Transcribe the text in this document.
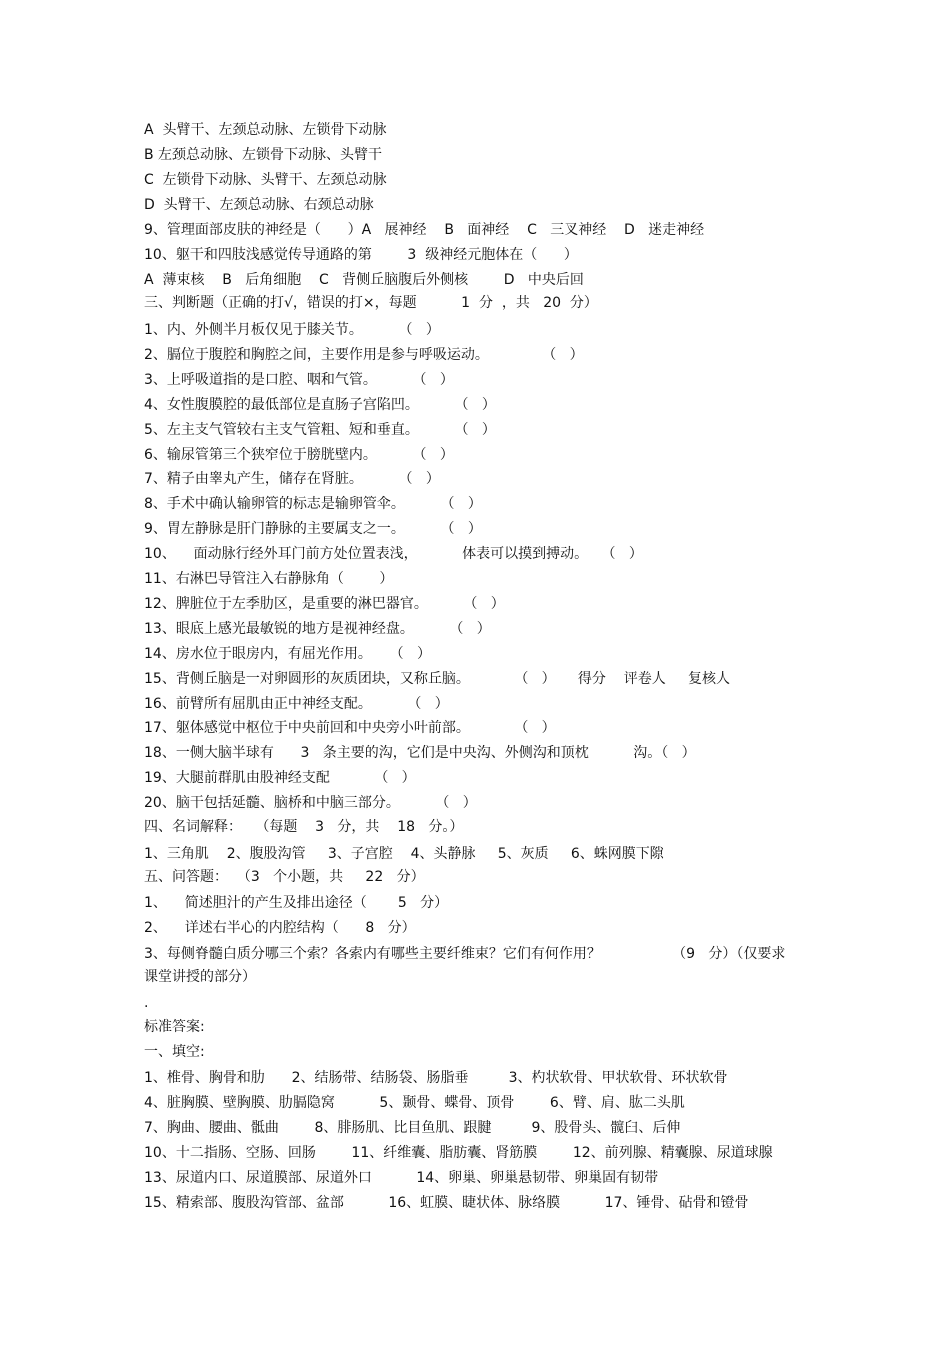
A  头臂干、左颈总动脉、左锁骨下动脉
B 左颈总动脉、左锁骨下动脉、头臂干
C  左锁骨下动脉、头臂干、左颈总动脉
D  头臂干、左颈总动脉、右颈总动脉
9、管理面部皮肤的神经是（      ）A   展神经    B   面神经    C   三叉神经    D   迷走神经
10、躯干和四肢浅感觉传导通路的第        3  级神经元胞体在（      ）
A  薄束核    B   后角细胞    C   背侧丘脑腹后外侧核        D   中央后回
三、判断题（正确的打√，错误的打×，每题          1  分  ，共   20  分）
1、内、外侧半月板仅见于膝关节。        （   ）
2、膈位于腹腔和胸腔之间，主要作用是参与呼吸运动。            （   ）
3、上呼吸道指的是口腔、咽和气管。        （   ）
4、女性腹膜腔的最低部位是直肠子宫陷凹。        （   ）
5、左主支气管较右主支气管粗、短和垂直。        （   ）
6、输尿管第三个狭窄位于膀胱壁内。        （   ）
7、精子由睾丸产生，储存在肾脏。        （   ）
8、手术中确认输卵管的标志是输卵管伞。        （   ）
9、胃左静脉是肝门静脉的主要属支之一。        （   ）
10、    面动脉行经外耳门前方处位置表浅，          体表可以摸到搏动。   （   ）
11、右淋巴导管注入右静脉角（        ）
12、脾脏位于左季肋区，是重要的淋巴器官。        （   ）
13、眼底上感光最敏锐的地方是视神经盘。        （   ）
14、房水位于眼房内，有屈光作用。    （   ）
15、背侧丘脑是一对卵圆形的灰质团块，又称丘脑。          （   ）     得分    评卷人     复核人
16、前臂所有屈肌由正中神经支配。        （   ）
17、躯体感觉中枢位于中央前回和中央旁小叶前部。          （   ）
18、一侧大脑半球有      3   条主要的沟，它们是中央沟、外侧沟和顶枕          沟。（   ）
19、大腿前群肌由股神经支配          （   ）
20、脑干包括延髓、脑桥和中脑三部分。        （   ）
四、名词解释：   （每题    3   分，共    18   分。）
1、三角肌    2、腹股沟管     3、子宫腔    4、头静脉     5、灰质     6、蛛网膜下隙
五、问答题：  （3   个小题，共     22   分）
1、    简述胆汁的产生及排出途径（       5   分）
2、    详述右半心的内腔结构（      8   分）
3、每侧脊髓白质分哪三个索？各索内有哪些主要纤维束？它们有何作用？                （9   分）（仅要求
课堂讲授的部分）
.
标准答案:
一、填空:
1、椎骨、胸骨和肋      2、结肠带、结肠袋、肠脂垂         3、杓状软骨、甲状软骨、环状软骨
4、脏胸膜、壁胸膜、肋膈隐窝          5、颞骨、蝶骨、顶骨        6、臂、肩、肱二头肌
7、胸曲、腰曲、骶曲        8、腓肠肌、比目鱼肌、跟腱         9、股骨头、髋臼、后伸
10、十二指肠、空肠、回肠        11、纤维囊、脂肪囊、肾筋膜        12、前列腺、精囊腺、尿道球腺
13、尿道内口、尿道膜部、尿道外口          14、卵巢、卵巢悬韧带、卵巢固有韧带
15、精索部、腹股沟管部、盆部          16、虹膜、睫状体、脉络膜          17、锤骨、砧骨和镫骨
